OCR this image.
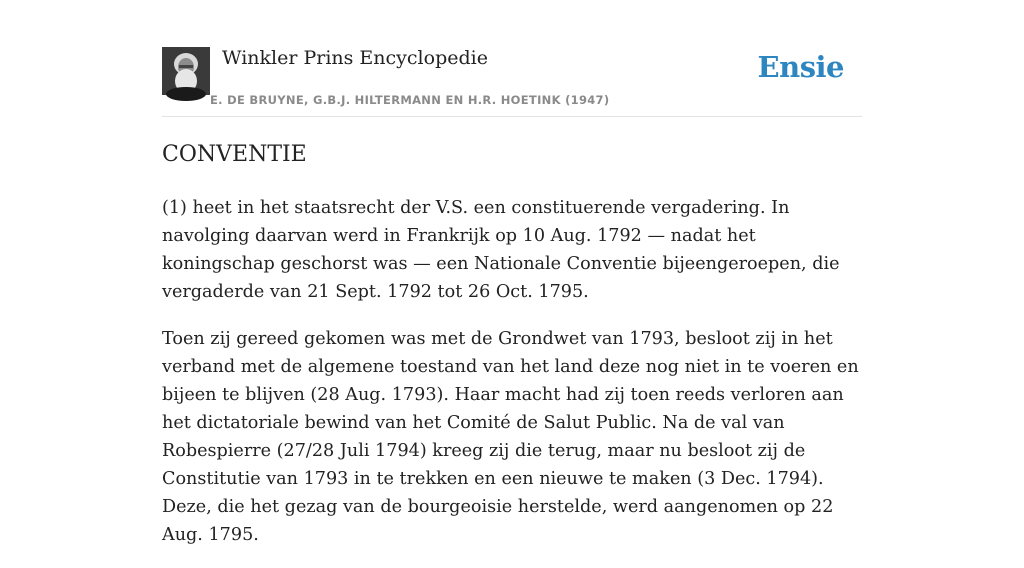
Winkler Prins Encyclopedie
E. DE BRUYNE, G.B.J. HILTERMANN EN H.R. HOETINK (1947)
Ensie
CONVENTIE

(1) heet in het staatsrecht der V.S. een constituerende vergadering. In navolging daarvan werd in Frankrijk op 10 Aug. 1792 — nadat het koningschap geschorst was — een Nationale Conventie bijeengeroepen, die vergaderde van 21 Sept. 1792 tot 26 Oct. 1795.

Toen zij gereed gekomen was met de Grondwet van 1793, besloot zij in het verband met de algemene toestand van het land deze nog niet in te voeren en bijeen te blijven (28 Aug. 1793). Haar macht had zij toen reeds verloren aan het dictatoriale bewind van het Comité de Salut Public. Na de val van Robespierre (27/28 Juli 1794) kreeg zij die terug, maar nu besloot zij de Constitutie van 1793 in te trekken en een nieuwe te maken (3 Dec. 1794). Deze, die het gezag van de bourgeoisie herstelde, werd aangenomen op 22 Aug. 1795.
